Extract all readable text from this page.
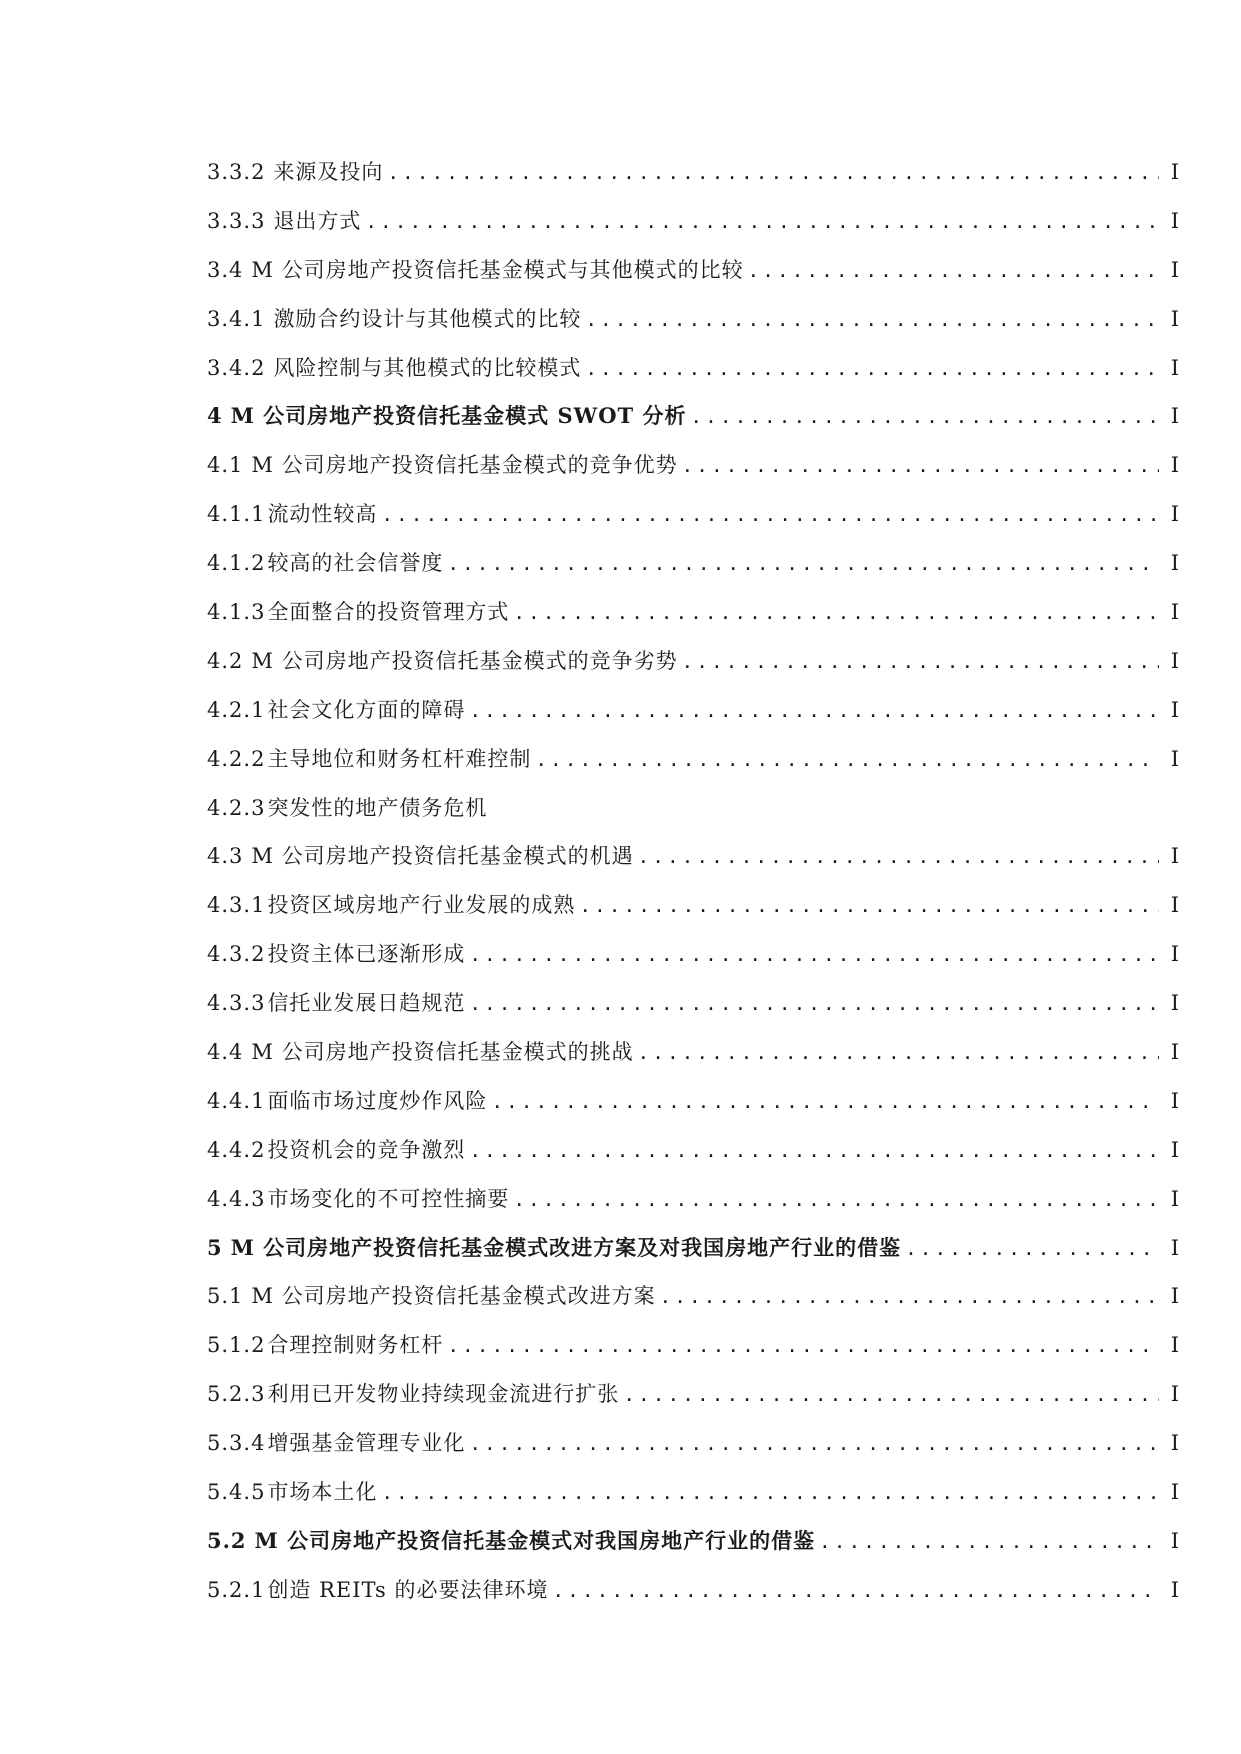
3.3.2 来源及投向 .....	I
3.3.3 退出方式 .....	I
3.4 M 公司房地产投资信托基金模式与其他模式的比较 .....	I
3.4.1 激励合约设计与其他模式的比较 .....	I
3.4.2 风险控制与其他模式的比较模式 .....	I
4 M 公司房地产投资信托基金模式 SWOT 分析 .....	I
4.1 M 公司房地产投资信托基金模式的竞争优势 .....	I
4.1.1 流动性较高 .....	I
4.1.2 较高的社会信誉度 .....	I
4.1.3 全面整合的投资管理方式 .....	I
4.2 M 公司房地产投资信托基金模式的竞争劣势 .....	I
4.2.1 社会文化方面的障碍 .....	I
4.2.2 主导地位和财务杠杆难控制 .....	I
4.2.3 突发性的地产债务危机
4.3 M 公司房地产投资信托基金模式的机遇 .....	I
4.3.1 投资区域房地产行业发展的成熟 .....	I
4.3.2 投资主体已逐渐形成 .....	I
4.3.3 信托业发展日趋规范 .....	I
4.4 M 公司房地产投资信托基金模式的挑战 .....	I
4.4.1 面临市场过度炒作风险 .....	I
4.4.2 投资机会的竞争激烈 .....	I
4.4.3 市场变化的不可控性摘要 .....	I
5 M 公司房地产投资信托基金模式改进方案及对我国房地产行业的借鉴 .....	I
5.1 M 公司房地产投资信托基金模式改进方案 .....	I
5.1.2 合理控制财务杠杆 .....	I
5.2.3 利用已开发物业持续现金流进行扩张 .....	I
5.3.4 增强基金管理专业化 .....	I
5.4.5 市场本土化 .....	I
5.2 M 公司房地产投资信托基金模式对我国房地产行业的借鉴 .....	I
5.2.1 创造 REITs 的必要法律环境 .....	I
